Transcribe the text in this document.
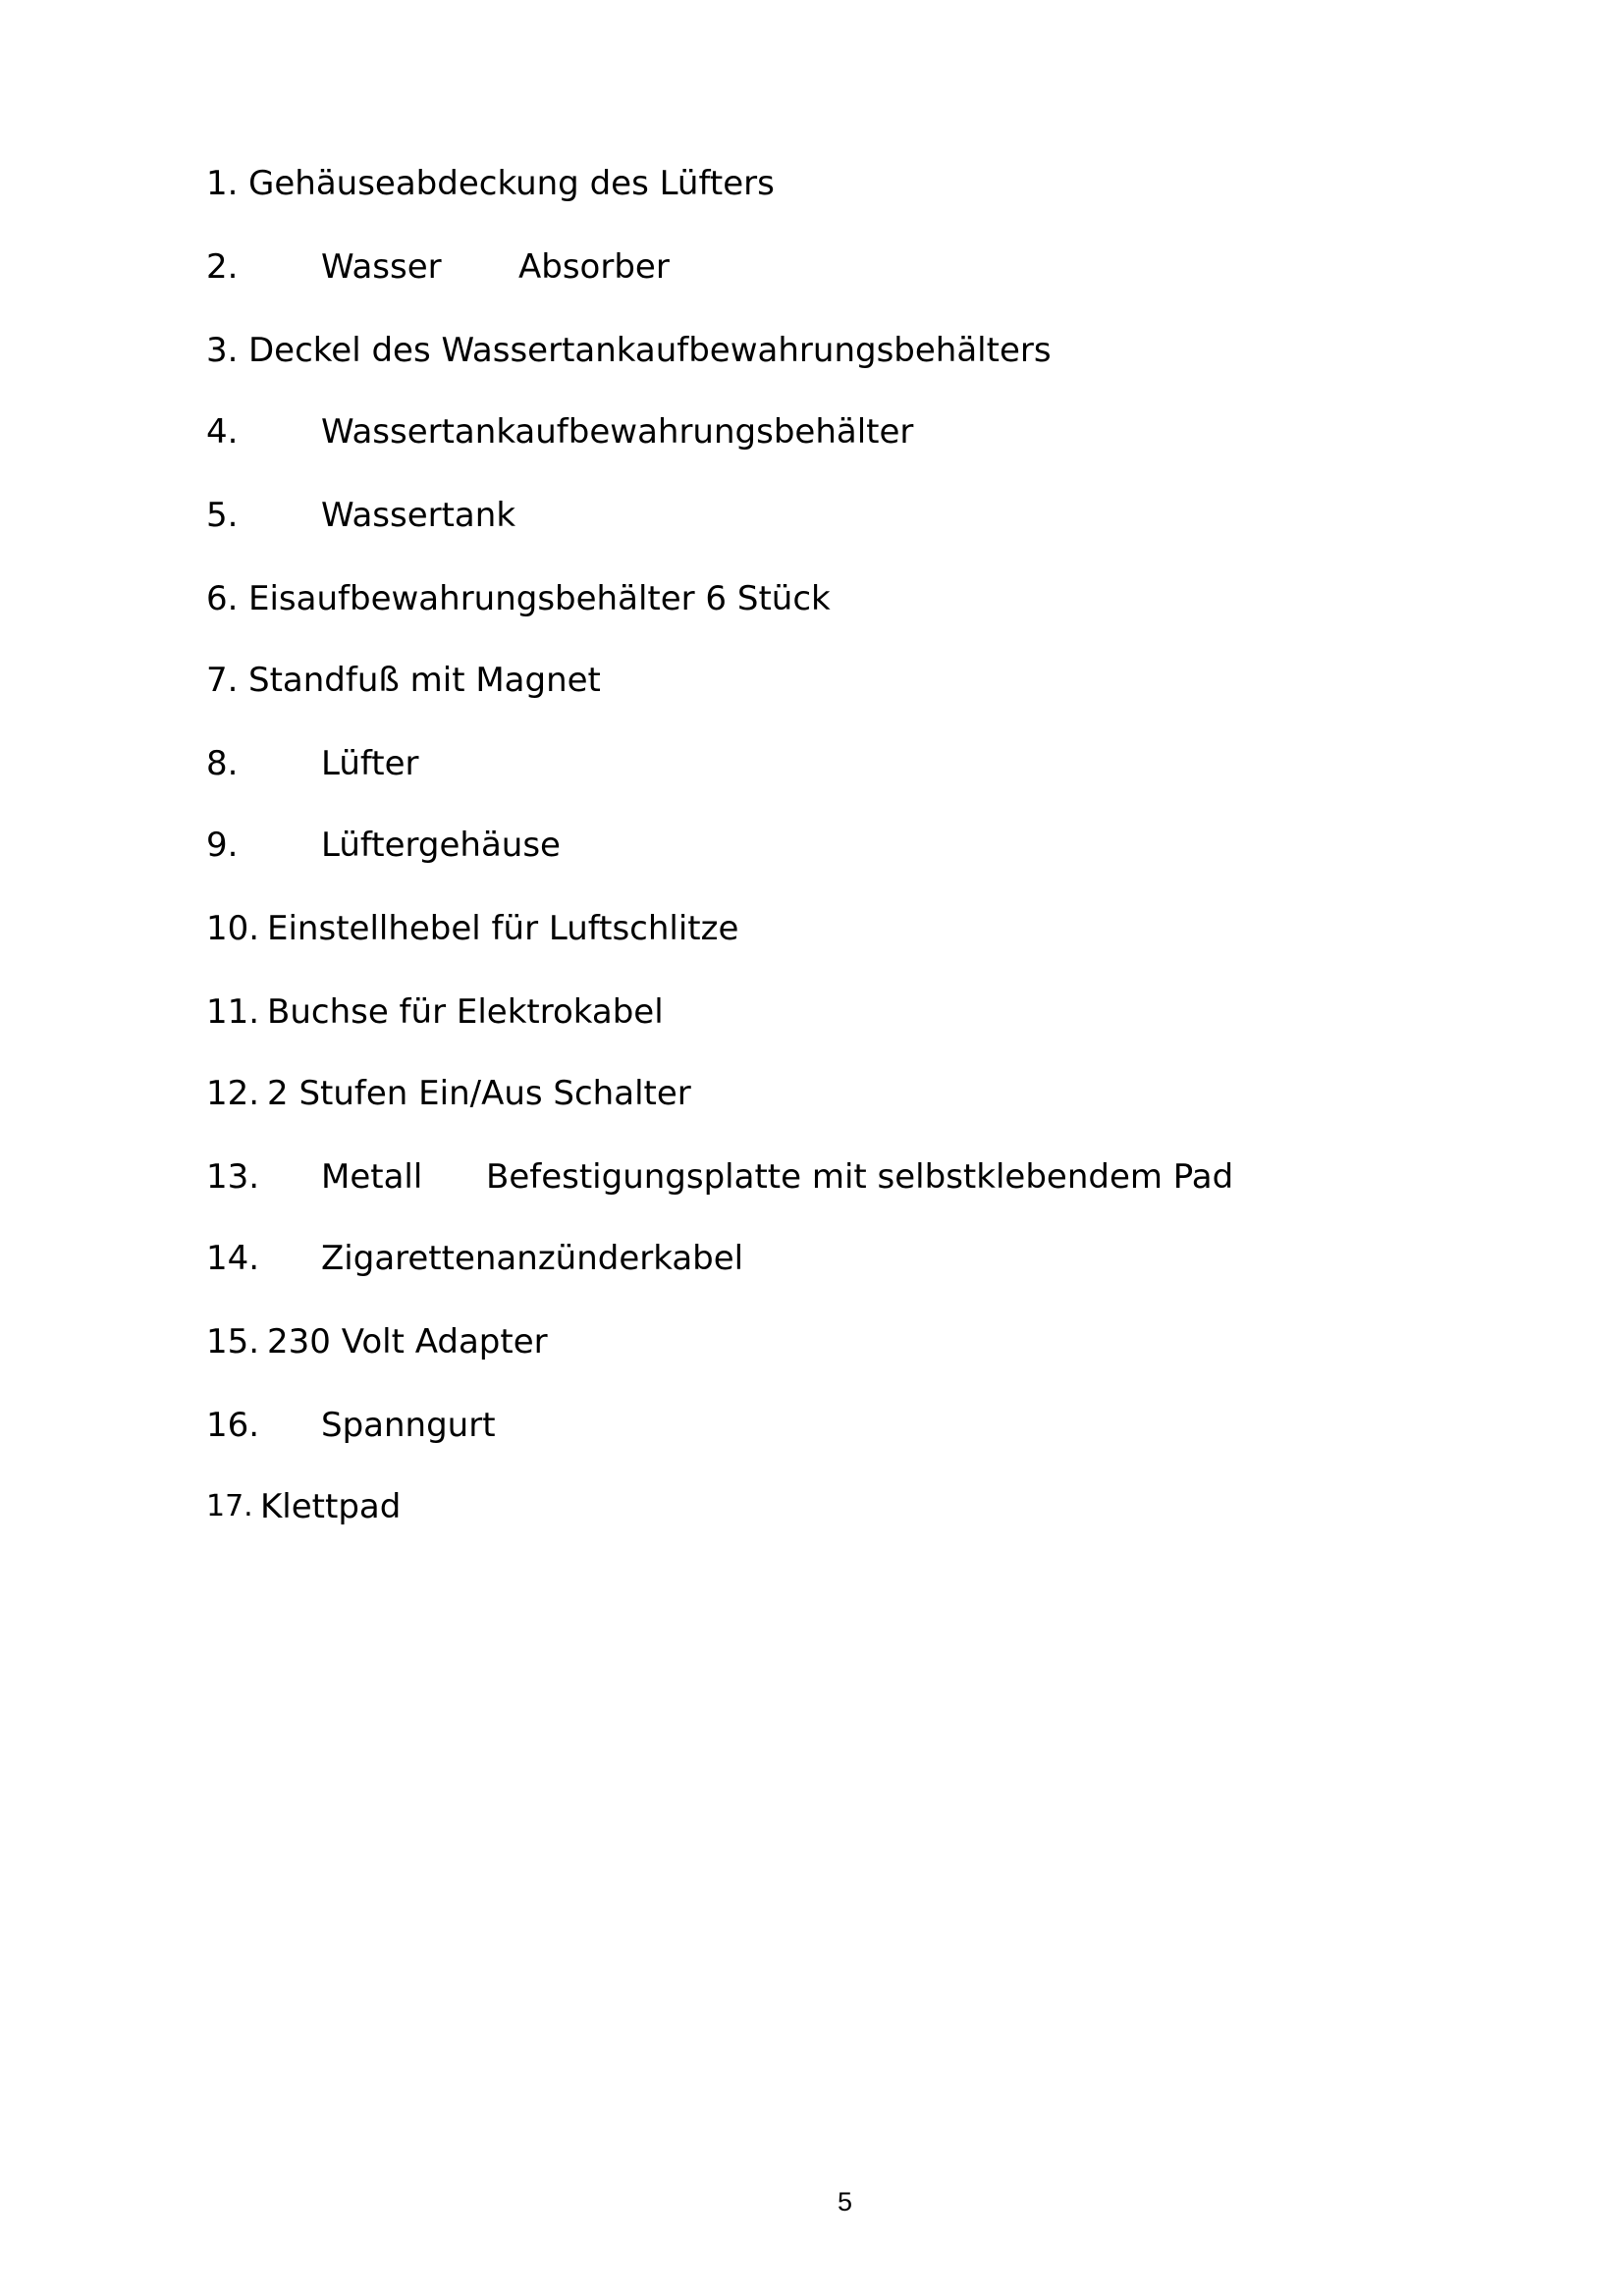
1. Gehäuseabdeckung des Lüfters
2. Wasser Absorber
3. Deckel des Wassertankaufbewahrungsbehälters
4. Wassertankaufbewahrungsbehälter
5. Wassertank
6. Eisaufbewahrungsbehälter 6 Stück
7. Standfuß mit Magnet
8. Lüfter
9. Lüftergehäuse
10. Einstellhebel für Luftschlitze
11. Buchse für Elektrokabel
12. 2 Stufen Ein/Aus Schalter
13. Metall Befestigungsplatte mit selbstklebendem Pad
14. Zigarettenanzünderkabel
15. 230 Volt Adapter
16. Spanngurt
17. Klettpad
5
